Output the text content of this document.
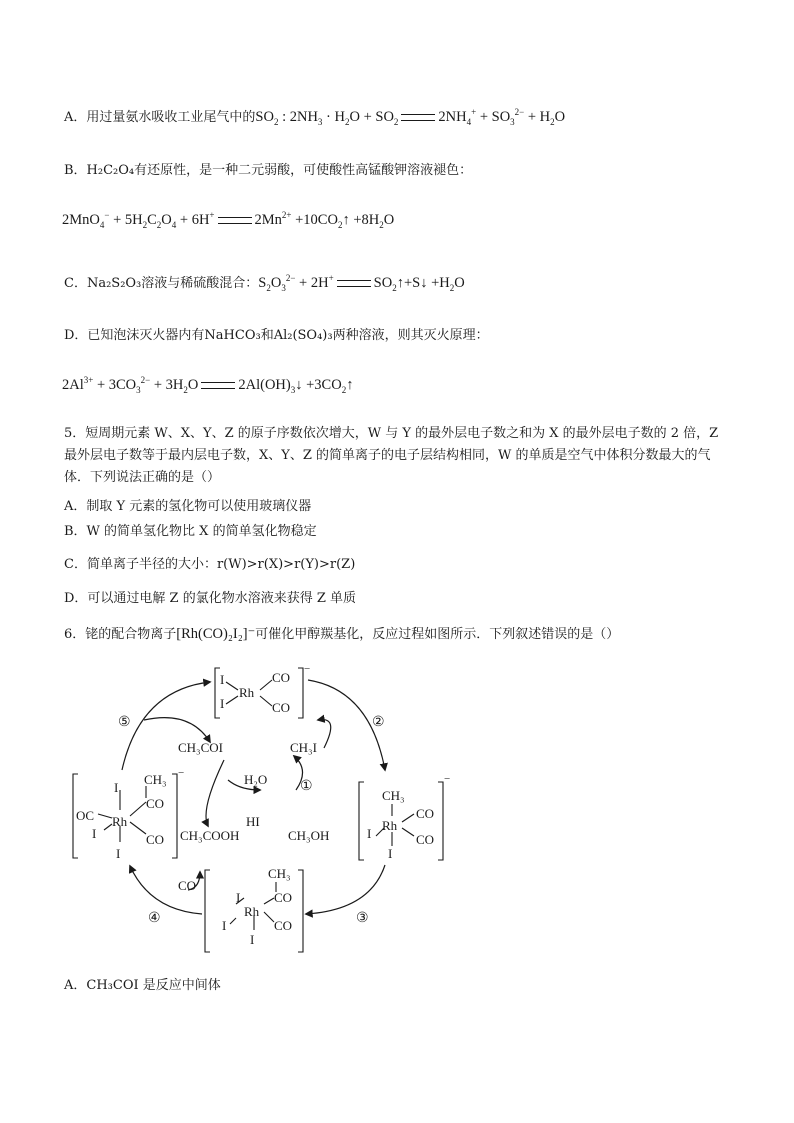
A．用过量氨水吸收工业尾气中的$SO_2$ : $2NH_3 \cdot H_2O + SO_2$	$2NH_4^+ + SO_3^{2-} + H_2O$
B．H₂C₂O₄有还原性，是一种二元弱酸，可使酸性高锰酸钾溶液褪色：
$2MnO_4^- + 5H_2C_2O_4 + 6H^+$	$2Mn^{2+}$ $+10CO_2↑ +8H_2O$
C．Na₂S₂O₃溶液与稀硫酸混合：$S_2O_3^{2-} + 2H^+$	$SO_2↑+S↓ +H_2O$
D．已知泡沫灭火器内有NaHCO₃和Al₂(SO₄)₃两种溶液，则其灭火原理：
$2Al^{3+} + 3CO_3^{2-} + 3H_2O$	$2Al(OH)_3↓$ $+3CO_2↑$
5．短周期元素 W、X、Y、Z 的原子序数依次增大，W 与 Y 的最外层电子数之和为 X 的最外层电子数的 2 倍，Z 最外层电子数等于最内层电子数，X、Y、Z 的简单离子的电子层结构相同，W 的单质是空气中体积分数最大的气体．下列说法正确的是（）
A．制取 Y 元素的氢化物可以使用玻璃仪器
B．W 的简单氢化物比 X 的简单氢化物稳定
C．简单离子半径的大小：r(W)>r(X)>r(Y)>r(Z)
D．可以通过电解 Z 的氯化物水溶液来获得 Z 单质
6．铑的配合物离子[Rh(CO)₂I₂]⁻可催化甲醇羰基化，反应过程如图所示．下列叙述错误的是（）
I
I
Rh
CO
CO
−
CH₃
I
Rh
CO
CO
I
−
CH₃
I
Rh
CO
CO
I
I
I
OC
I
Rh
CH₃
CO
CO
I
−
CH₃COI	CH₃I
H₂O
HI
CH₃COOH	CH₃OH
CO
①
②
③
④
⑤
A．CH₃COI 是反应中间体
